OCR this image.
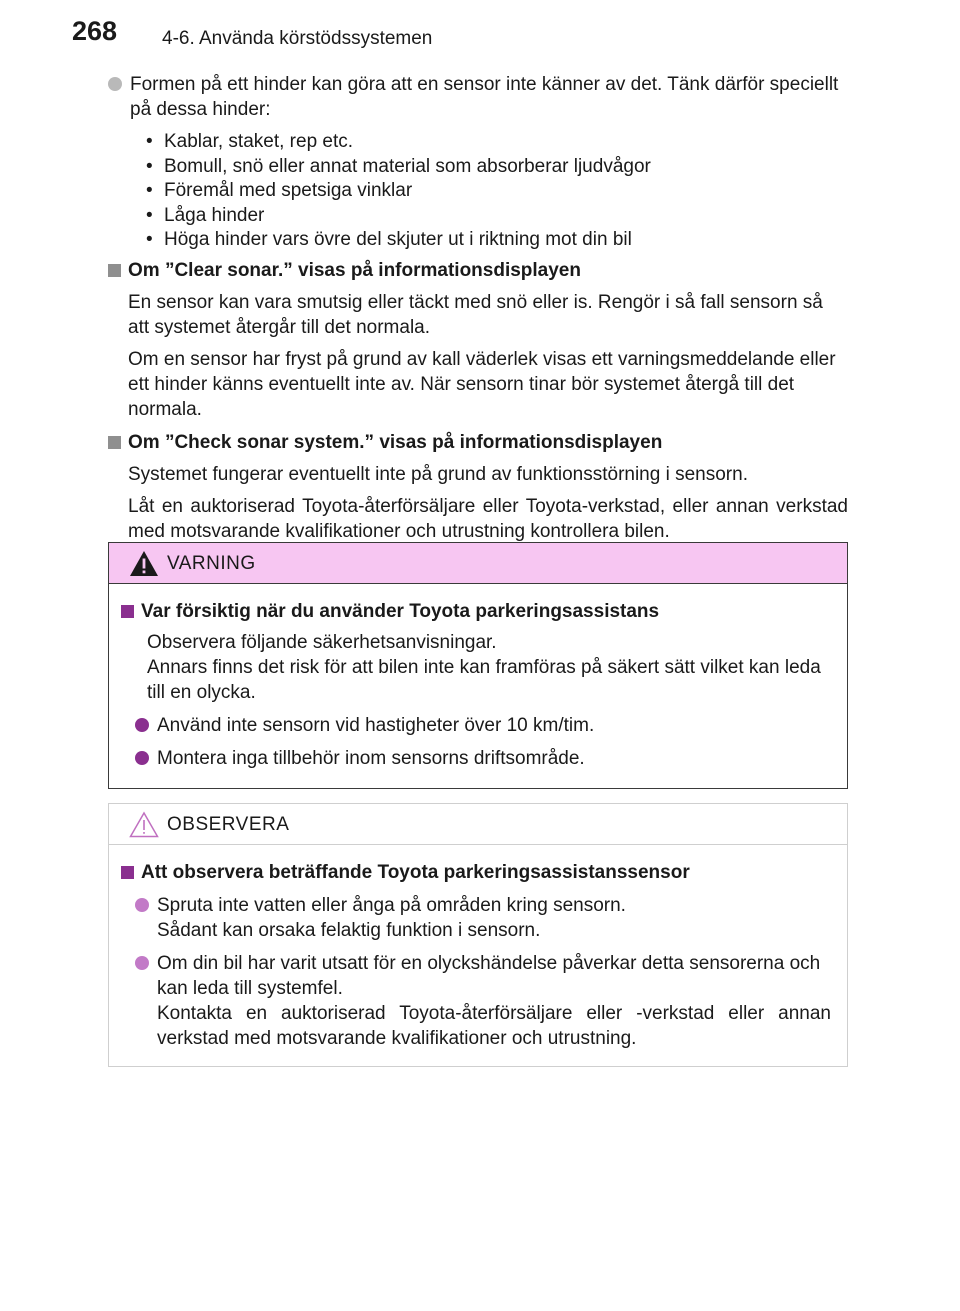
268 4-6. Använda körstödssystemen

Formen på ett hinder kan göra att en sensor inte känner av det. Tänk därför speciellt på dessa hinder:

• Kablar, staket, rep etc.
• Bomull, snö eller annat material som absorberar ljudvågor
• Föremål med spetsiga vinklar
• Låga hinder
• Höga hinder vars övre del skjuter ut i riktning mot din bil
Om ”Clear sonar.” visas på informationsdisplayen

En sensor kan vara smutsig eller täckt med snö eller is. Rengör i så fall sensorn så att systemet återgår till det normala.

Om en sensor har fryst på grund av kall väderlek visas ett varningsmeddelande eller ett hinder känns eventuellt inte av. När sensorn tinar bör systemet återgå till det normala.

Om ”Check sonar system.” visas på informationsdisplayen

Systemet fungerar eventuellt inte på grund av funktionsstörning i sensorn.

Låt en auktoriserad Toyota-återförsäljare eller Toyota-verkstad, eller annan verkstad med motsvarande kvalifikationer och utrustning kontrollera bilen.

VARNING
Var försiktig när du använder Toyota parkeringsassistans

Observera följande säkerhetsanvisningar.

Annars finns det risk för att bilen inte kan framföras på säkert sätt vilket kan leda till en olycka.

Använd inte sensorn vid hastigheter över 10 km/tim.

Montera inga tillbehör inom sensorns driftsområde.

OBSERVERA
Att observera beträffande Toyota parkeringsassistanssensor

Spruta inte vatten eller ånga på områden kring sensorn.

Sådant kan orsaka felaktig funktion i sensorn.

Om din bil har varit utsatt för en olyckshändelse påverkar detta sensorerna och kan leda till systemfel.

Kontakta en auktoriserad Toyota-återförsäljare eller -verkstad eller annan verkstad med motsvarande kvalifikationer och utrustning.
